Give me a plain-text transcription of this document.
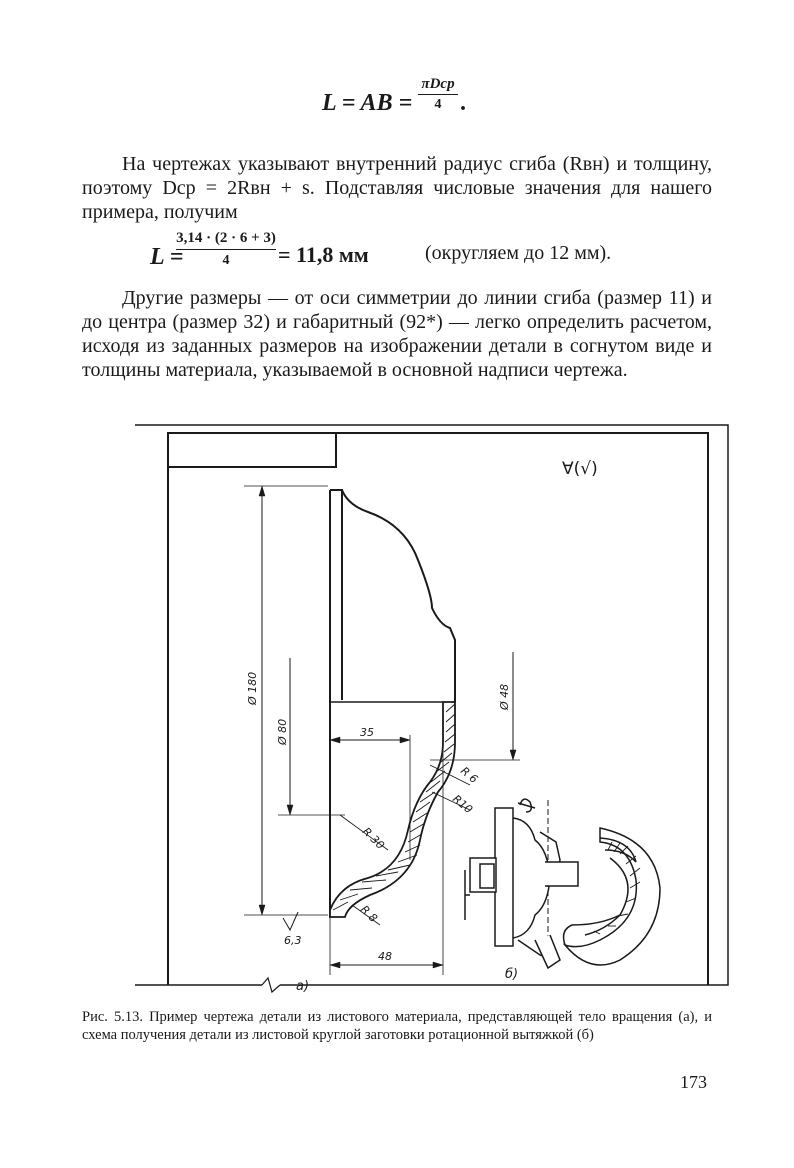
L = AB =
πDср
4 .
На чертежах указывают внутренний радиус сгиба (Rвн) и толщину, поэтому Dср = 2Rвн + s. Подставляя числовые значения для нашего примера, получим
L =
$\frac{3,14 \cdot (2 \cdot 6 + 3)}{4} = 11,8$ мм	(округляем до 12 мм).
Другие размеры — от оси симметрии до линии сгиба (размер 11) и до центра (размер 32) и габаритный (92*) — легко определить расчетом, исходя из заданных размеров на изображении детали в согнутом виде и толщины материала, указываемой в основной надписи чертежа.
Ø 180
Ø 80
Ø 48
35
48
R 6
R10
R 30
R 8
6,3
∀(√)
а)
б)
Рис. 5.13. Пример чертежа детали из листового материала, представляющей тело вращения (а), и схема получения детали из листовой круглой заготовки ротационной вытяжкой (б)
173
